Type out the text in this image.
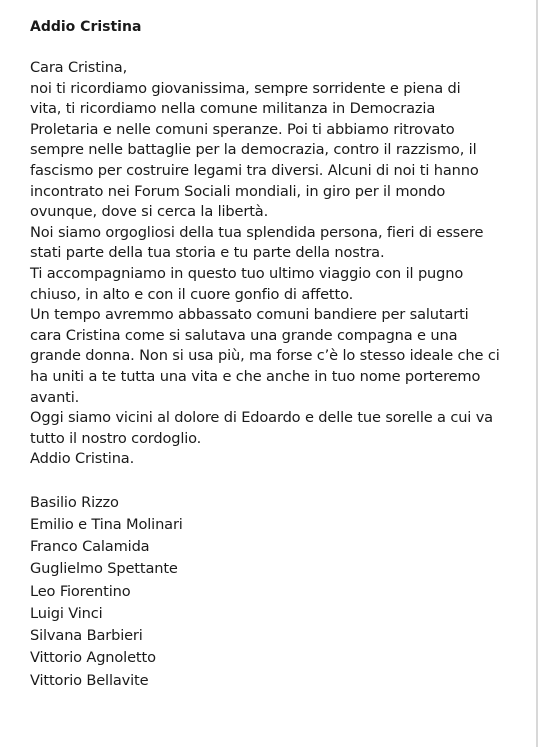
Addio Cristina
Cara Cristina,
noi ti ricordiamo giovanissima, sempre sorridente e piena di
vita, ti ricordiamo nella comune militanza in Democrazia
Proletaria e nelle comuni speranze. Poi ti abbiamo ritrovato
sempre nelle battaglie per la democrazia, contro il razzismo, il
fascismo per costruire legami tra diversi. Alcuni di noi ti hanno
incontrato nei Forum Sociali mondiali, in giro per il mondo
ovunque, dove si cerca la libertà.
Noi siamo orgogliosi della tua splendida persona, fieri di essere
stati parte della tua storia e tu parte della nostra.
Ti accompagniamo in questo tuo ultimo viaggio con il pugno
chiuso, in alto e con il cuore gonfio di affetto.
Un tempo avremmo abbassato comuni bandiere per salutarti
cara Cristina come si salutava una grande compagna e una
grande donna. Non si usa più, ma forse c’è lo stesso ideale che ci
ha uniti a te tutta una vita e che anche in tuo nome porteremo
avanti.
Oggi siamo vicini al dolore di Edoardo e delle tue sorelle a cui va
tutto il nostro cordoglio.
Addio Cristina.
Basilio Rizzo
Emilio e Tina Molinari
Franco Calamida
Guglielmo Spettante
Leo Fiorentino
Luigi Vinci
Silvana Barbieri
Vittorio Agnoletto
Vittorio Bellavite
